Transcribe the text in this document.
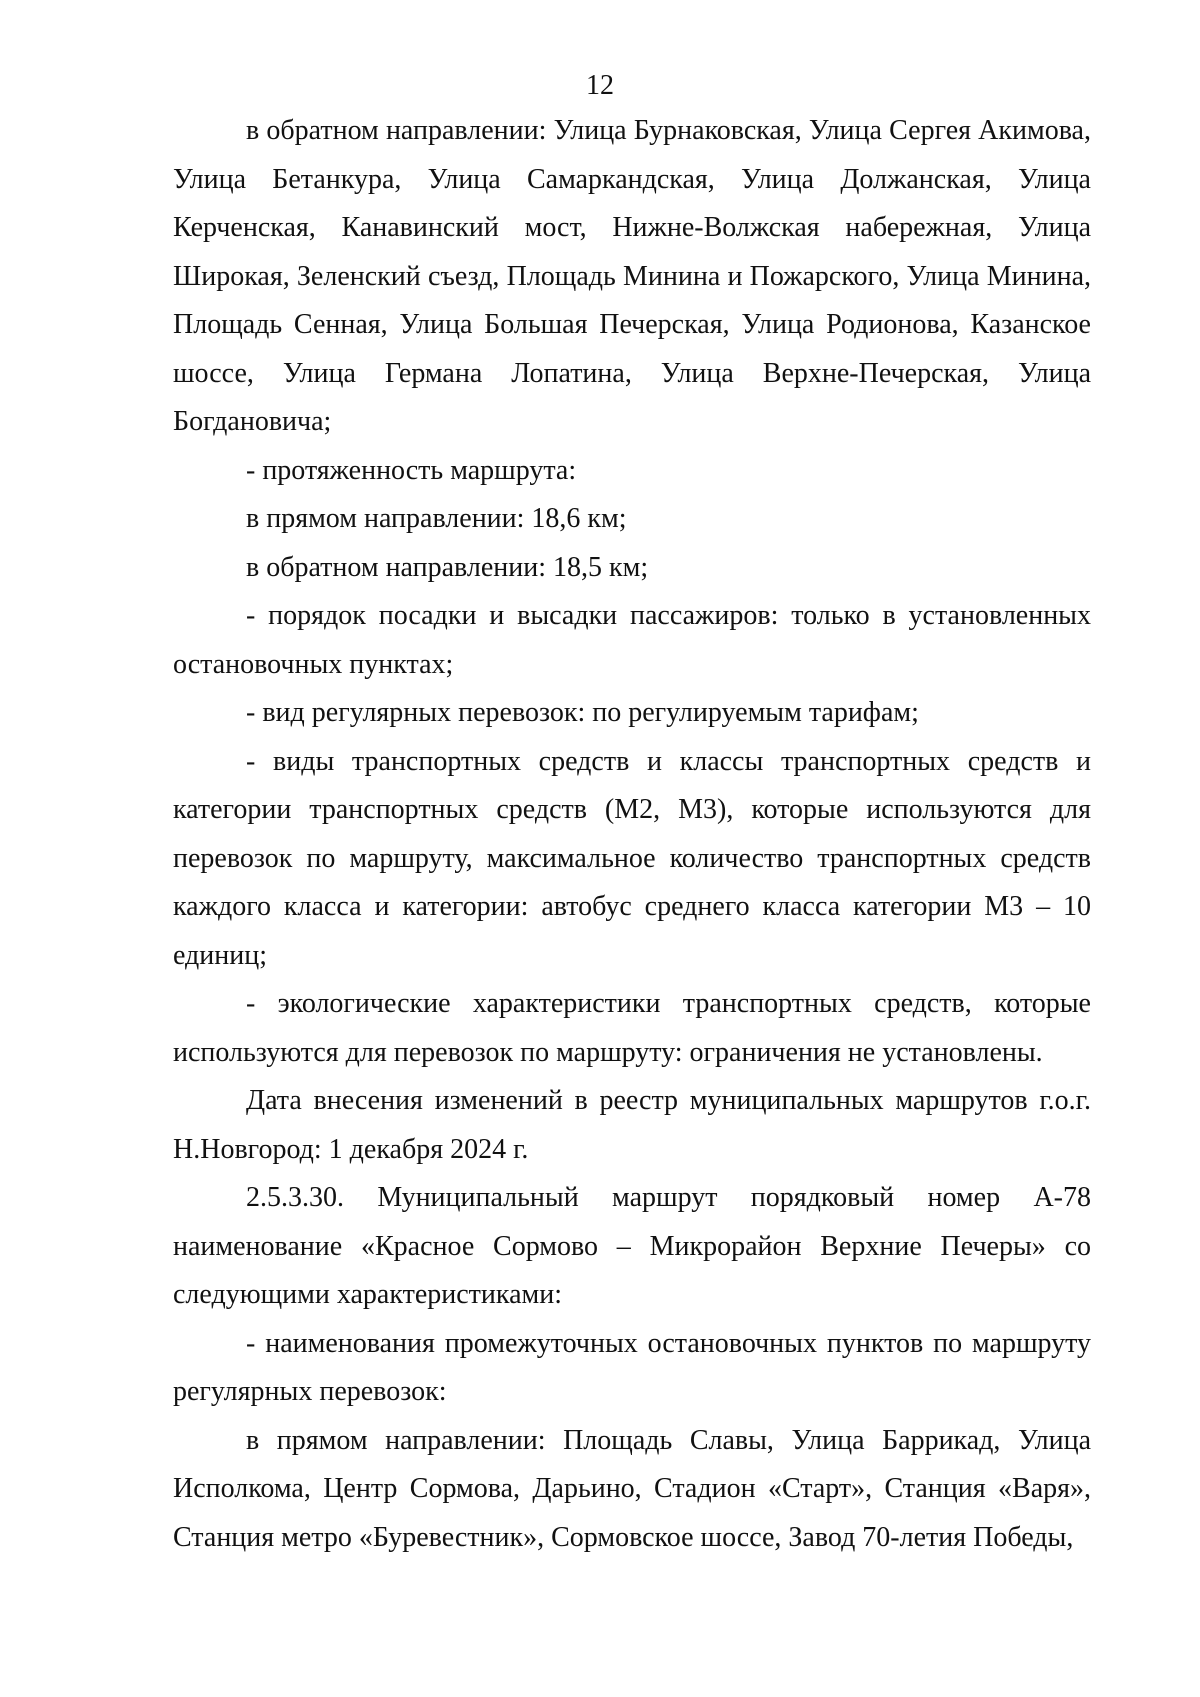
12

в обратном направлении: Улица Бурнаковская, Улица Сергея Акимова, Улица Бетанкура, Улица Самаркандская, Улица Должанская, Улица Керченская, Канавинский мост, Нижне-Волжская набережная, Улица Широкая, Зеленский съезд, Площадь Минина и Пожарского, Улица Минина, Площадь Сенная, Улица Большая Печерская, Улица Родионова, Казанское шоссе, Улица Германа Лопатина, Улица Верхне-Печерская, Улица Богдановича;

- протяженность маршрута:

в прямом направлении: 18,6 км;

в обратном направлении: 18,5 км;

- порядок посадки и высадки пассажиров: только в установленных остановочных пунктах;

- вид регулярных перевозок: по регулируемым тарифам;

- виды транспортных средств и классы транспортных средств и категории транспортных средств (М2, М3), которые используются для перевозок по маршруту, максимальное количество транспортных средств каждого класса и категории: автобус среднего класса категории М3 – 10 единиц;

- экологические характеристики транспортных средств, которые используются для перевозок по маршруту: ограничения не установлены.

Дата внесения изменений в реестр муниципальных маршрутов г.о.г. Н.Новгород: 1 декабря 2024 г.

2.5.3.30. Муниципальный маршрут порядковый номер А-78 наименование «Красное Сормово – Микрорайон Верхние Печеры» со следующими характеристиками:

- наименования промежуточных остановочных пунктов по маршруту регулярных перевозок:

в прямом направлении: Площадь Славы, Улица Баррикад, Улица Исполкома, Центр Сормова, Дарьино, Стадион «Старт», Станция «Варя», Станция метро «Буревестник», Сормовское шоссе, Завод 70-летия Победы,
